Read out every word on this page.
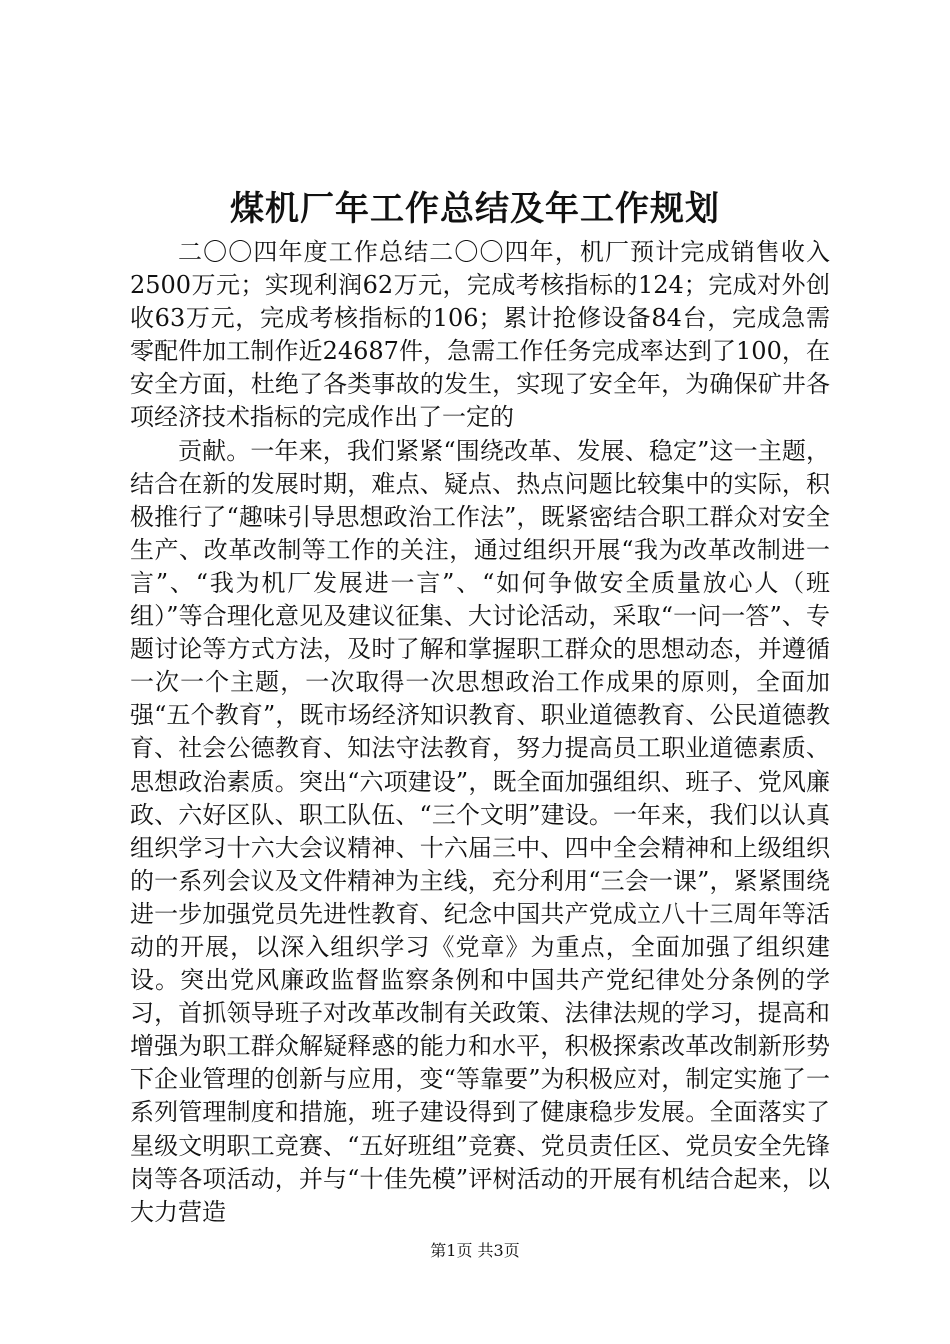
煤机厂年工作总结及年工作规划

二〇〇四年度工作总结二〇〇四年，机厂预计完成销售收入2500万元；实现利润62万元，完成考核指标的124；完成对外创收63万元，完成考核指标的106；累计抢修设备84台，完成急需零配件加工制作近24687件，急需工作任务完成率达到了100，在安全方面，杜绝了各类事故的发生，实现了安全年，为确保矿井各项经济技术指标的完成作出了一定的

贡献。一年来，我们紧紧“围绕改革、发展、稳定”这一主题，结合在新的发展时期，难点、疑点、热点问题比较集中的实际，积极推行了“趣味引导思想政治工作法”，既紧密结合职工群众对安全生产、改革改制等工作的关注，通过组织开展“我为改革改制进一言”、“我为机厂发展进一言”、“如何争做安全质量放心人（班组）”等合理化意见及建议征集、大讨论活动，采取“一问一答”、专题讨论等方式方法，及时了解和掌握职工群众的思想动态，并遵循一次一个主题，一次取得一次思想政治工作成果的原则，全面加强“五个教育”，既市场经济知识教育、职业道德教育、公民道德教育、社会公德教育、知法守法教育，努力提高员工职业道德素质、思想政治素质。突出“六项建设”，既全面加强组织、班子、党风廉政、六好区队、职工队伍、“三个文明”建设。一年来，我们以认真组织学习十六大会议精神、十六届三中、四中全会精神和上级组织的一系列会议及文件精神为主线，充分利用“三会一课”，紧紧围绕进一步加强党员先进性教育、纪念中国共产党成立八十三周年等活动的开展，以深入组织学习《党章》为重点，全面加强了组织建设。突出党风廉政监督监察条例和中国共产党纪律处分条例的学习，首抓领导班子对改革改制有关政策、法律法规的学习，提高和增强为职工群众解疑释惑的能力和水平，积极探索改革改制新形势下企业管理的创新与应用，变“等靠要”为积极应对，制定实施了一系列管理制度和措施，班子建设得到了健康稳步发展。全面落实了星级文明职工竞赛、“五好班组”竞赛、党员责任区、党员安全先锋岗等各项活动，并与“十佳先模”评树活动的开展有机结合起来，以大力营造

第1页 共3页
